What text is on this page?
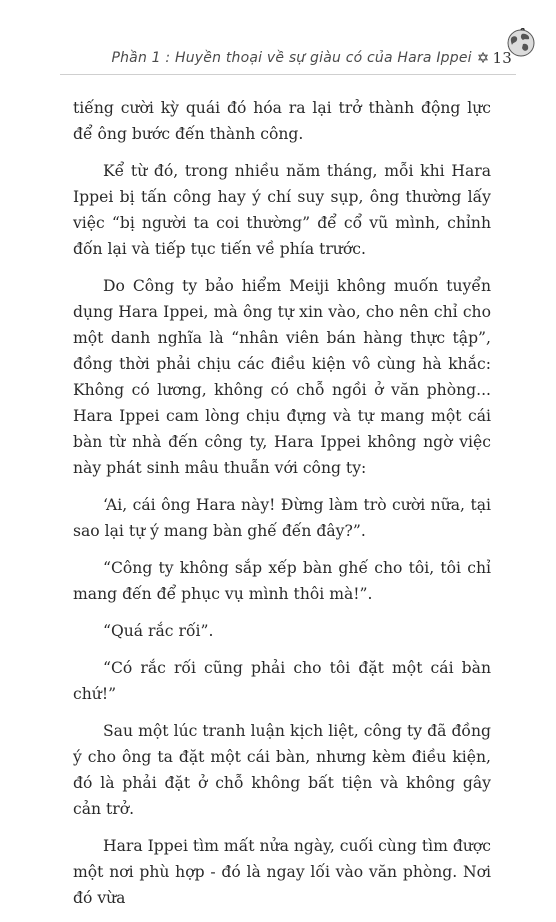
Phần 1 : Huyền thoại về sự giàu có của Hara Ippei ✡ 13

tiếng cười kỳ quái đó hóa ra lại trở thành động lực để ông bước đến thành công.

Kể từ đó, trong nhiều năm tháng, mỗi khi Hara Ippei bị tấn công hay ý chí suy sụp, ông thường lấy việc “bị người ta coi thường” để cổ vũ mình, chỉnh đốn lại và tiếp tục tiến về phía trước.

Do Công ty bảo hiểm Meiji không muốn tuyển dụng Hara Ippei, mà ông tự xin vào, cho nên chỉ cho một danh nghĩa là “nhân viên bán hàng thực tập”, đồng thời phải chịu các điều kiện vô cùng hà khắc: Không có lương, không có chỗ ngồi ở văn phòng... Hara Ippei cam lòng chịu đựng và tự mang một cái bàn từ nhà đến công ty, Hara Ippei không ngờ việc này phát sinh mâu thuẫn với công ty:

‘Ai, cái ông Hara này! Đừng làm trò cười nữa, tại sao lại tự ý mang bàn ghế đến đây?”.

“Công ty không sắp xếp bàn ghế cho tôi, tôi chỉ mang đến để phục vụ mình thôi mà!”.

“Quá rắc rối”.

“Có rắc rối cũng phải cho tôi đặt một cái bàn chứ!”

Sau một lúc tranh luận kịch liệt, công ty đã đồng ý cho ông ta đặt một cái bàn, nhưng kèm điều kiện, đó là phải đặt ở chỗ không bất tiện và không gây cản trở.

Hara Ippei tìm mất nửa ngày, cuối cùng tìm được một nơi phù hợp - đó là ngay lối vào văn phòng. Nơi đó vừa
